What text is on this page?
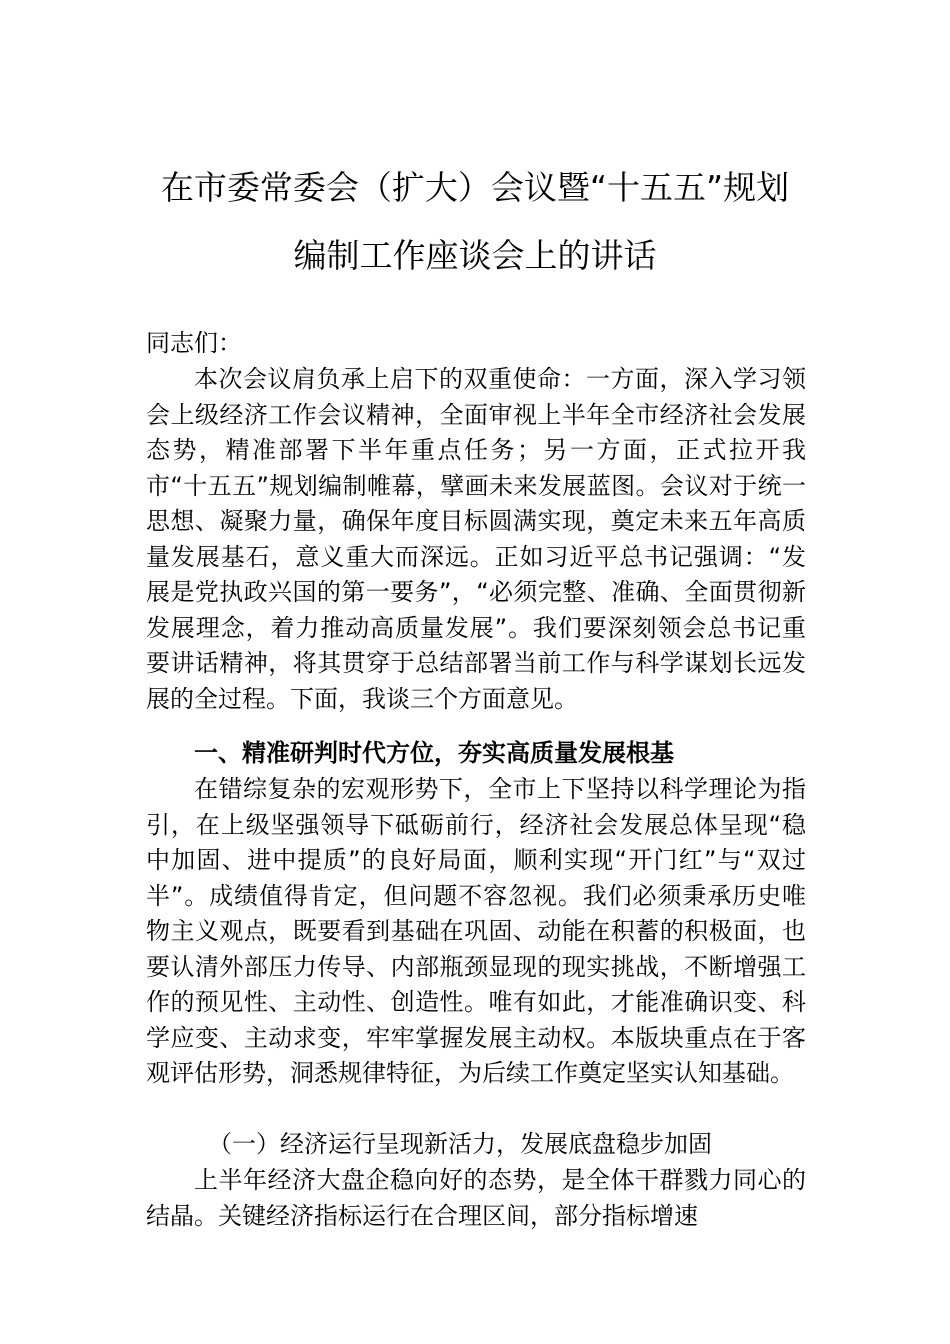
在市委常委会（扩大）会议暨“十五五”规划
编制工作座谈会上的讲话

同志们：

本次会议肩负承上启下的双重使命：一方面，深入学习领会上级经济工作会议精神，全面审视上半年全市经济社会发展态势，精准部署下半年重点任务；另一方面，正式拉开我市“十五五”规划编制帷幕，擘画未来发展蓝图。会议对于统一思想、凝聚力量，确保年度目标圆满实现，奠定未来五年高质量发展基石，意义重大而深远。正如习近平总书记强调：“发展是党执政兴国的第一要务”，“必须完整、准确、全面贯彻新发展理念，着力推动高质量发展”。我们要深刻领会总书记重要讲话精神，将其贯穿于总结部署当前工作与科学谋划长远发展的全过程。下面，我谈三个方面意见。

一、精准研判时代方位，夯实高质量发展根基

在错综复杂的宏观形势下，全市上下坚持以科学理论为指引，在上级坚强领导下砥砺前行，经济社会发展总体呈现“稳中加固、进中提质”的良好局面，顺利实现“开门红”与“双过半”。成绩值得肯定，但问题不容忽视。我们必须秉承历史唯物主义观点，既要看到基础在巩固、动能在积蓄的积极面，也要认清外部压力传导、内部瓶颈显现的现实挑战，不断增强工作的预见性、主动性、创造性。唯有如此，才能准确识变、科学应变、主动求变，牢牢掌握发展主动权。本版块重点在于客观评估形势，洞悉规律特征，为后续工作奠定坚实认知基础。

（一）经济运行呈现新活力，发展底盘稳步加固

上半年经济大盘企稳向好的态势，是全体干群戮力同心的结晶。关键经济指标运行在合理区间，部分指标增速
